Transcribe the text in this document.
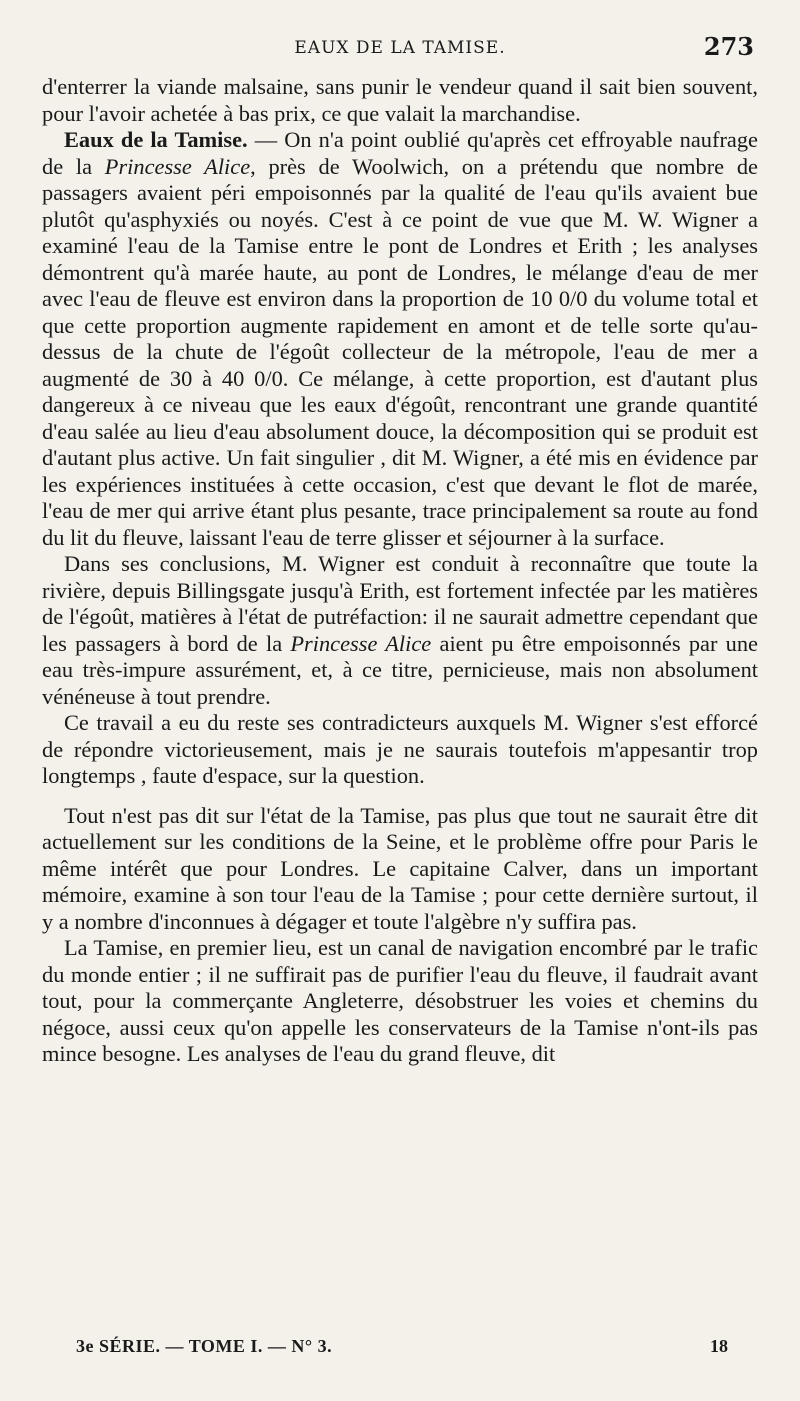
EAUX DE LA TAMISE.	273

d'enterrer la viande malsaine, sans punir le vendeur quand il sait bien souvent, pour l'avoir achetée à bas prix, ce que valait la marchandise.

Eaux de la Tamise. — On n'a point oublié qu'après cet effroyable naufrage de la Princesse Alice, près de Woolwich, on a prétendu que nombre de passagers avaient péri empoisonnés par la qualité de l'eau qu'ils avaient bue plutôt qu'asphyxiés ou noyés. C'est à ce point de vue que M. W. Wigner a examiné l'eau de la Tamise entre le pont de Londres et Erith ; les analyses démontrent qu'à marée haute, au pont de Londres, le mélange d'eau de mer avec l'eau de fleuve est environ dans la proportion de 10 0/0 du volume total et que cette proportion augmente rapidement en amont et de telle sorte qu'au-dessus de la chute de l'égoût collecteur de la métropole, l'eau de mer a augmenté de 30 à 40 0/0. Ce mélange, à cette proportion, est d'autant plus dangereux à ce niveau que les eaux d'égoût, rencontrant une grande quantité d'eau salée au lieu d'eau absolument douce, la décomposition qui se produit est d'autant plus active. Un fait singulier , dit M. Wigner, a été mis en évidence par les expériences instituées à cette occasion, c'est que devant le flot de marée, l'eau de mer qui arrive étant plus pesante, trace principalement sa route au fond du lit du fleuve, laissant l'eau de terre glisser et séjourner à la surface.

Dans ses conclusions, M. Wigner est conduit à reconnaître que toute la rivière, depuis Billingsgate jusqu'à Erith, est fortement infectée par les matières de l'égoût, matières à l'état de putréfaction: il ne saurait admettre cependant que les passagers à bord de la Princesse Alice aient pu être empoisonnés par une eau très-impure assurément, et, à ce titre, pernicieuse, mais non absolument vénéneuse à tout prendre.

Ce travail a eu du reste ses contradicteurs auxquels M. Wigner s'est efforcé de répondre victorieusement, mais je ne saurais toutefois m'appesantir trop longtemps , faute d'espace, sur la question.

Tout n'est pas dit sur l'état de la Tamise, pas plus que tout ne saurait être dit actuellement sur les conditions de la Seine, et le problème offre pour Paris le même intérêt que pour Londres. Le capitaine Calver, dans un important mémoire, examine à son tour l'eau de la Tamise ; pour cette dernière surtout, il y a nombre d'inconnues à dégager et toute l'algèbre n'y suffira pas.

La Tamise, en premier lieu, est un canal de navigation encombré par le trafic du monde entier ; il ne suffirait pas de purifier l'eau du fleuve, il faudrait avant tout, pour la commerçante Angleterre, désobstruer les voies et chemins du négoce, aussi ceux qu'on appelle les conservateurs de la Tamise n'ont-ils pas mince besogne. Les analyses de l'eau du grand fleuve, dit

3e SÉRIE. — TOME I. — N° 3.	18
